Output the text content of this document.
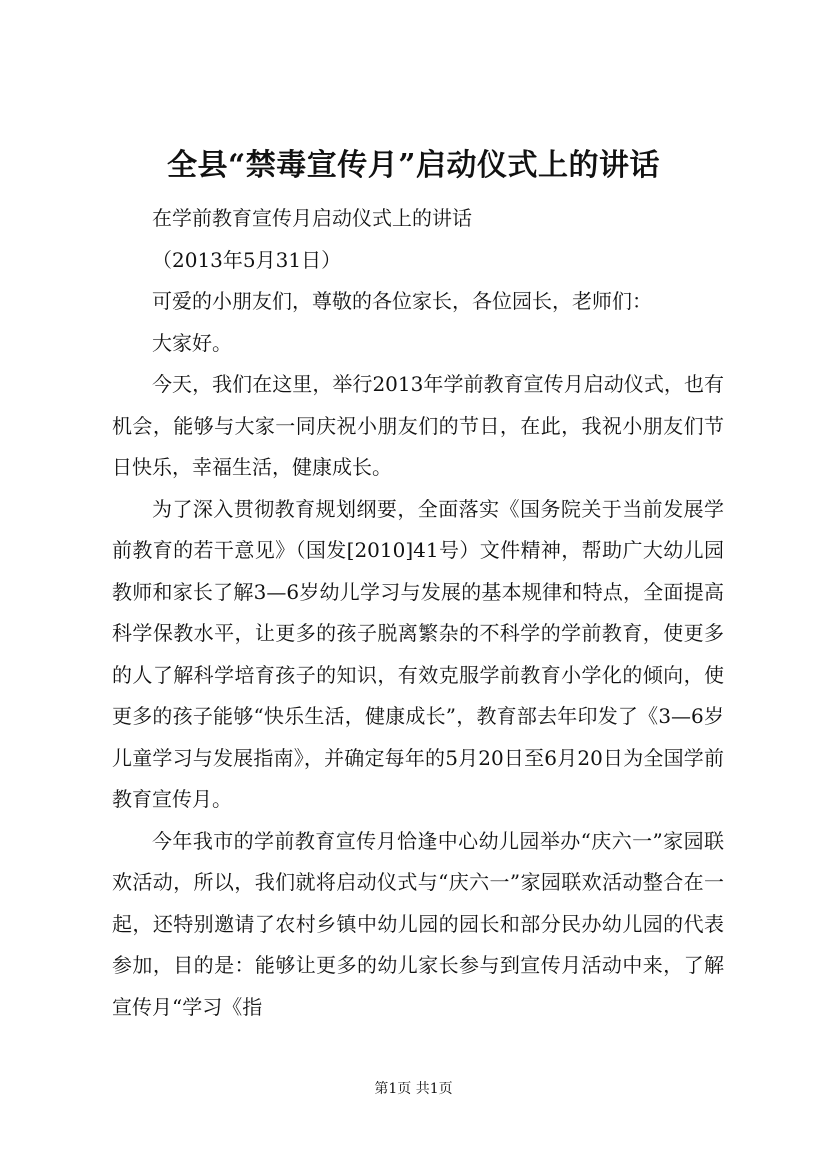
全县“禁毒宣传月”启动仪式上的讲话

在学前教育宣传月启动仪式上的讲话

（2013年5月31日）

可爱的小朋友们，尊敬的各位家长，各位园长，老师们：

大家好。

今天，我们在这里，举行2013年学前教育宣传月启动仪式，也有机会，能够与大家一同庆祝小朋友们的节日，在此，我祝小朋友们节日快乐，幸福生活，健康成长。

为了深入贯彻教育规划纲要，全面落实《国务院关于当前发展学前教育的若干意见》（国发[2010]41号）文件精神，帮助广大幼儿园教师和家长了解3—6岁幼儿学习与发展的基本规律和特点，全面提高科学保教水平，让更多的孩子脱离繁杂的不科学的学前教育，使更多的人了解科学培育孩子的知识，有效克服学前教育小学化的倾向，使更多的孩子能够“快乐生活，健康成长”，教育部去年印发了《3—6岁儿童学习与发展指南》，并确定每年的5月20日至6月20日为全国学前教育宣传月。

今年我市的学前教育宣传月恰逢中心幼儿园举办“庆六一”家园联欢活动，所以，我们就将启动仪式与“庆六一”家园联欢活动整合在一起，还特别邀请了农村乡镇中幼儿园的园长和部分民办幼儿园的代表参加，目的是：能够让更多的幼儿家长参与到宣传月活动中来，了解宣传月“学习《指

第1页 共1页
